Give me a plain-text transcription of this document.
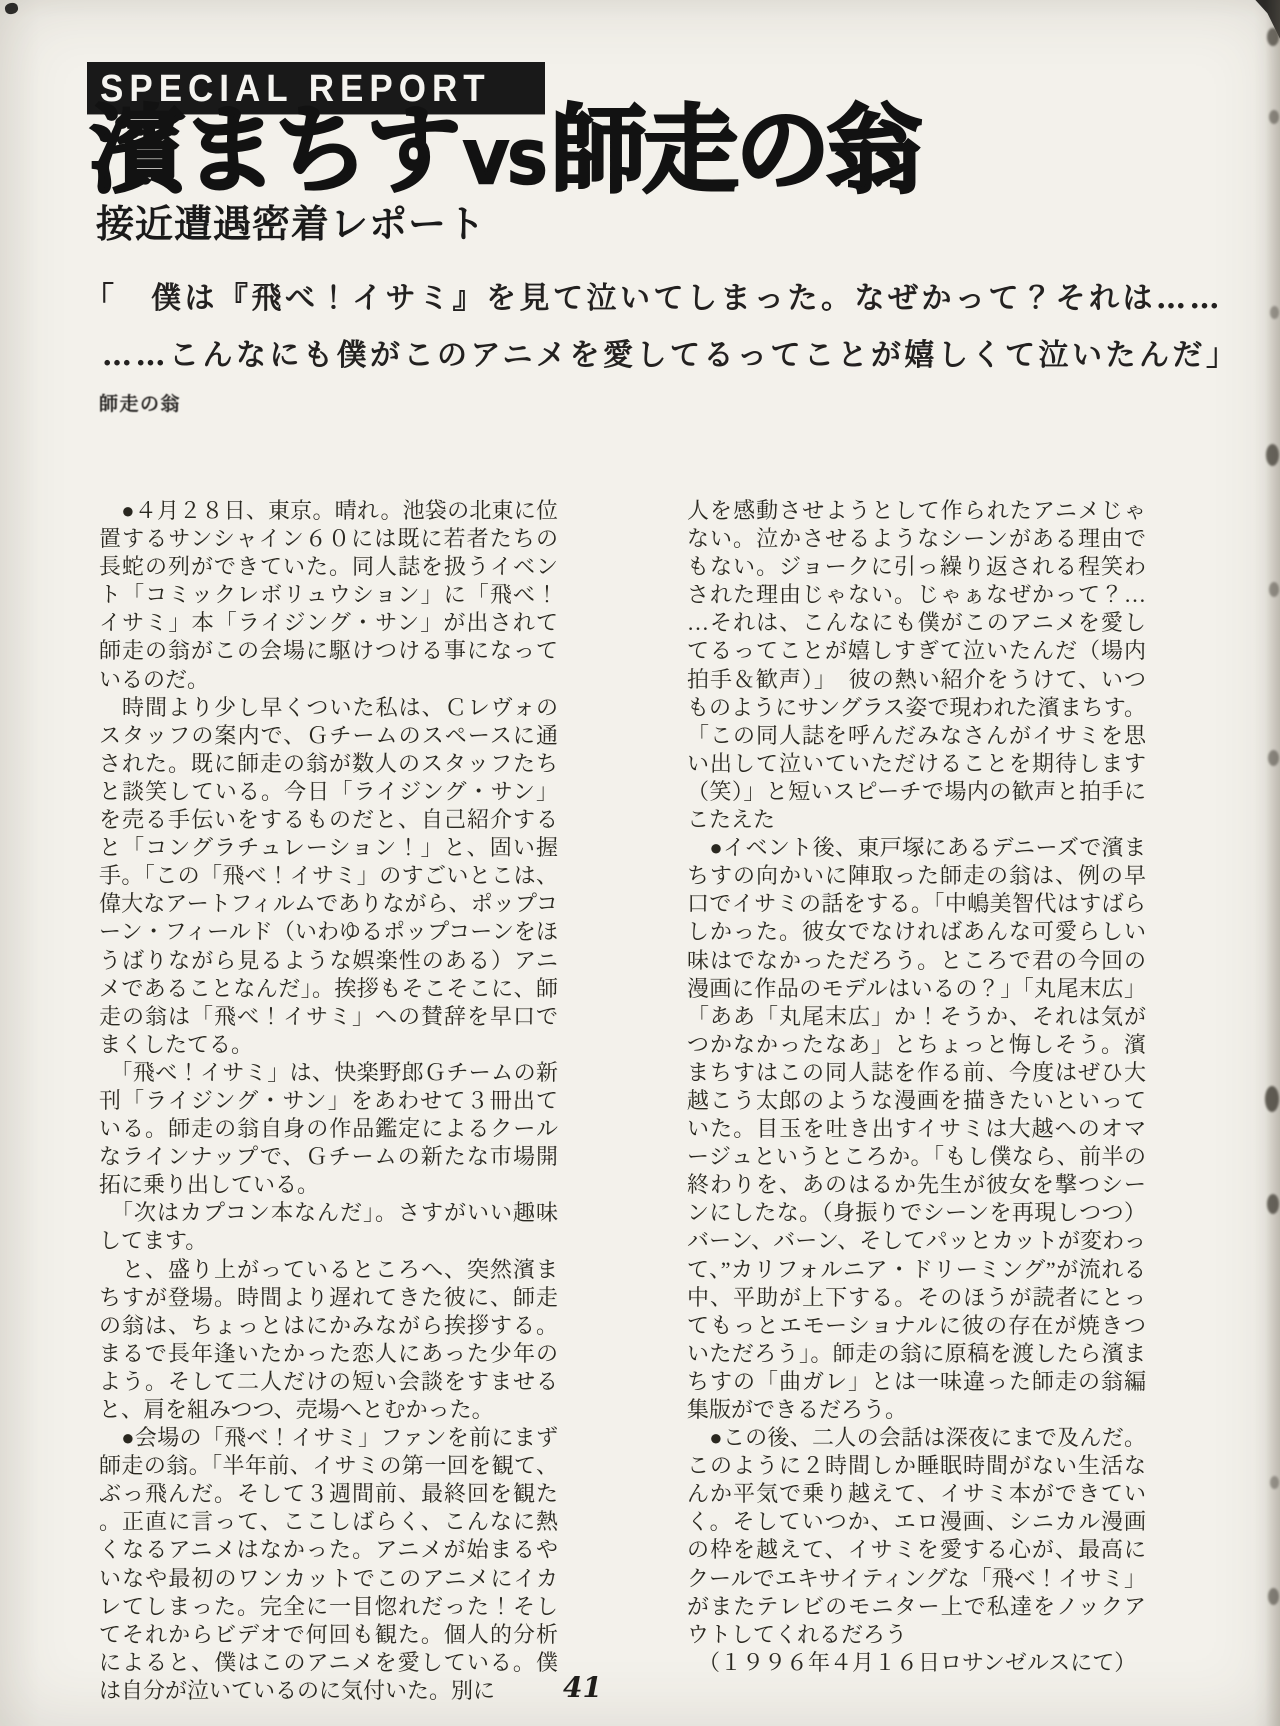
SPECIAL REPORT
濱まちす VS師走の翁
接近遭遇密着レポート
「　僕は『飛べ！イサミ』を見て泣いてしまった。なぜかって？それは……
……こんなにも僕がこのアニメを愛してるってことが嬉しくて泣いたんだ」
師走の翁

　●４月２８日、東京。晴れ。池袋の北東に位置するサンシャイン６０には既に若者たちの長蛇の列ができていた。同人誌を扱うイベント「コミックレボリュウション」に「飛べ！イサミ」本「ライジング・サン」が出されて師走の翁がこの会場に駆けつける事になっているのだ。

　時間より少し早くついた私は、Ｃレヴォのスタッフの案内で、Ｇチームのスペースに通された。既に師走の翁が数人のスタッフたちと談笑している。今日「ライジング・サン」を売る手伝いをするものだと、自己紹介すると「コングラチュレーション！」と、固い握手。「この「飛べ！イサミ」のすごいとこは、偉大なアートフィルムでありながら、ポップコーン・フィールド（いわゆるポップコーンをほうばりながら見るような娯楽性のある）アニメであることなんだ」。挨拶もそこそこに、師走の翁は「飛べ！イサミ」への賛辞を早口でまくしたてる。

　「飛べ！イサミ」は、快楽野郎Ｇチームの新刊「ライジング・サン」をあわせて３冊出ている。師走の翁自身の作品鑑定によるクールなラインナップで、Ｇチームの新たな市場開拓に乗り出している。

　「次はカプコン本なんだ」。さすがいい趣味してます。

　と、盛り上がっているところへ、突然濱まちすが登場。時間より遅れてきた彼に、師走の翁は、ちょっとはにかみながら挨拶する。まるで長年逢いたかった恋人にあった少年のよう。そして二人だけの短い会談をすませると、肩を組みつつ、売場へとむかった。

　●会場の「飛べ！イサミ」ファンを前にまず師走の翁。「半年前、イサミの第一回を観て、ぶっ飛んだ。そして３週間前、最終回を観た。正直に言って、ここしばらく、こんなに熱くなるアニメはなかった。アニメが始まるやいなや最初のワンカットでこのアニメにイカレてしまった。完全に一目惚れだった！そしてそれからビデオで何回も観た。個人的分析によると、僕はこのアニメを愛している。僕は自分が泣いているのに気付いた。別に

人を感動させようとして作られたアニメじゃない。泣かさせるようなシーンがある理由でもない。ジョークに引っ繰り返される程笑わされた理由じゃない。じゃぁなぜかって？……それは、こんなにも僕がこのアニメを愛してるってことが嬉しすぎて泣いたんだ（場内拍手＆歓声）」　彼の熱い紹介をうけて、いつものようにサングラス姿で現われた濱まちす。「この同人誌を呼んだみなさんがイサミを思い出して泣いていただけることを期待します（笑）」と短いスピーチで場内の歓声と拍手にこたえた

　●イベント後、東戸塚にあるデニーズで濱まちすの向かいに陣取った師走の翁は、例の早口でイサミの話をする。「中嶋美智代はすばらしかった。彼女でなければあんな可愛らしい味はでなかっただろう。ところで君の今回の漫画に作品のモデルはいるの？」「丸尾末広」「ああ「丸尾末広」か！そうか、それは気がつかなかったなあ」とちょっと悔しそう。濱まちすはこの同人誌を作る前、今度はぜひ大越こう太郎のような漫画を描きたいといっていた。目玉を吐き出すイサミは大越へのオマージュというところか。「もし僕なら、前半の終わりを、あのはるか先生が彼女を撃つシーンにしたな。（身振りでシーンを再現しつつ）バーン、バーン、そしてパッとカットが変わって、”カリフォルニア・ドリーミング”が流れる中、平助が上下する。そのほうが読者にとってもっとエモーショナルに彼の存在が焼きついただろう」。師走の翁に原稿を渡したら濱まちすの「曲ガレ」とは一味違った師走の翁編集版ができるだろう。

　●この後、二人の会話は深夜にまで及んだ。このように２時間しか睡眠時間がない生活なんか平気で乗り越えて、イサミ本ができていく。そしていつか、エロ漫画、シニカル漫画の枠を越えて、イサミを愛する心が、最高にクールでエキサイティングな「飛べ！イサミ」がまたテレビのモニター上で私達をノックアウトしてくれるだろう

　（１９９６年４月１６日ロサンゼルスにて）

41
